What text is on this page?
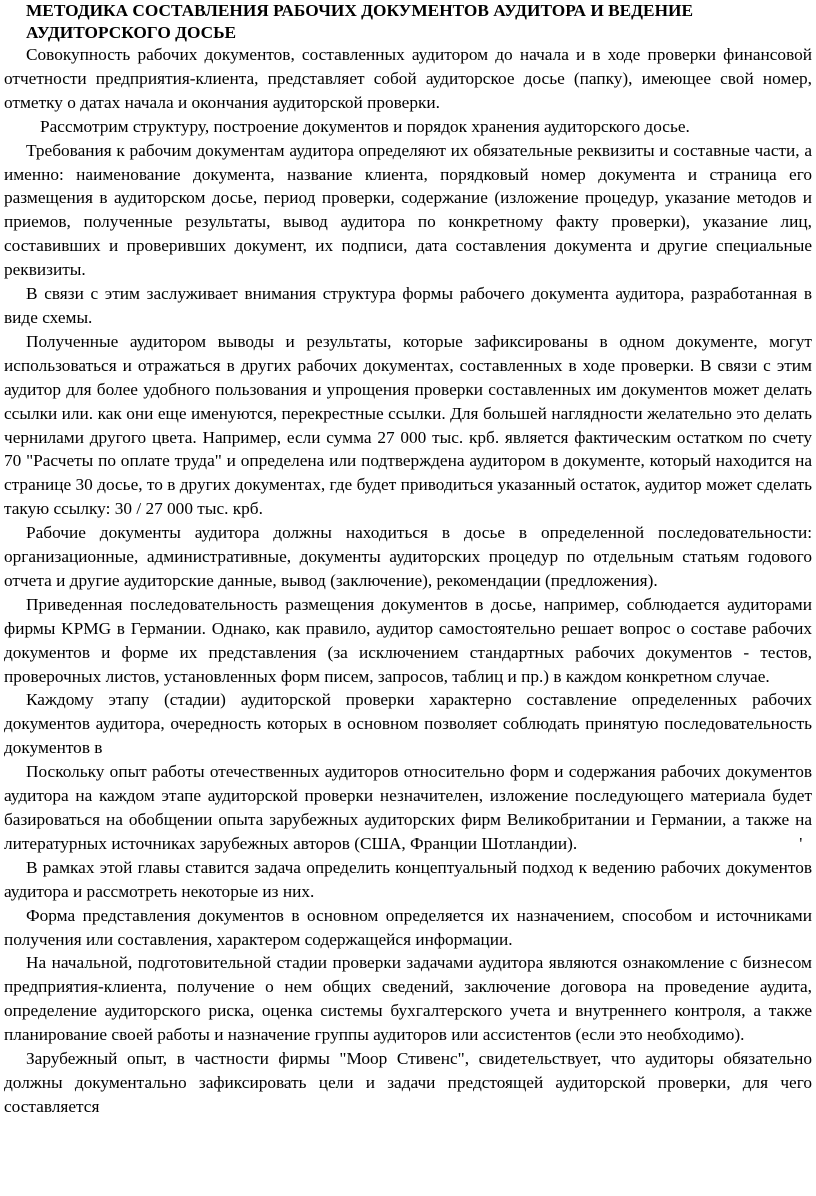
МЕТОДИКА СОСТАВЛЕНИЯ РАБОЧИХ ДОКУМЕНТОВ АУДИТОРА И ВЕДЕНИЕ АУДИТОРСКОГО ДОСЬЕ

Совокупность рабочих документов, составленных аудитором до начала и в ходе проверки финансовой отчетности предприятия-клиента, представляет собой аудиторское досье (папку), имеющее свой номер, отметку о датах начала и окончания аудиторской проверки.

Рассмотрим структуру, построение документов и порядок хранения аудиторского досье.

Требования к рабочим документам аудитора определяют их обязательные реквизиты и составные части, а именно: наименование документа, название клиента, порядковый номер документа и страница его размещения в аудиторском досье, период проверки, содержание (изложение процедур, указание методов и приемов, полученные результаты, вывод аудитора по конкретному факту проверки), указание лиц, составивших и проверивших документ, их подписи, дата составления документа и другие специальные реквизиты.

В связи с этим заслуживает внимания структура формы рабочего документа аудитора, разработанная в виде схемы.

Полученные аудитором выводы и результаты, которые зафиксированы в одном документе, могут использоваться и отражаться в других рабочих документах, составленных в ходе проверки. В связи с этим аудитор для более удобного пользования и упрощения проверки составленных им документов может делать ссылки или. как они еще именуются, перекрестные ссылки. Для большей наглядности желательно это делать чернилами другого цвета. Например, если сумма 27 000 тыс. крб. является фактическим остатком по счету 70 "Расчеты по оплате труда" и определена или подтверждена аудитором в документе, который находится на странице 30 досье, то в других документах, где будет приводиться указанный остаток, аудитор может сделать такую ссылку: 30 / 27 000 тыс. крб.

Рабочие документы аудитора должны находиться в досье в определенной последовательности: организационные, административные, документы аудиторских процедур по отдельным статьям годового отчета и другие аудиторские данные, вывод (заключение), рекомендации (предложения).

Приведенная последовательность размещения документов в досье, например, соблюдается аудиторами фирмы KPMG в Германии. Однако, как правило, аудитор самостоятельно решает вопрос о составе рабочих документов и форме их представления (за исключением стандартных рабочих документов - тестов, проверочных листов, установленных форм писем, запросов, таблиц и пр.) в каждом конкретном случае.

Каждому этапу (стадии) аудиторской проверки характерно составление определенных рабочих документов аудитора, очередность которых в основном позволяет соблюдать принятую последовательность документов в

Поскольку опыт работы отечественных аудиторов относительно форм и содержания рабочих документов аудитора на каждом этапе аудиторской проверки незначителен, изложение последующего материала будет базироваться на обобщении опыта зарубежных аудиторских фирм Великобритании и Германии, а также на литературных источниках зарубежных авторов (США, Франции Шотландии).	'

В рамках этой главы ставится задача определить концептуальный подход к ведению рабочих документов аудитора и рассмотреть некоторые из них.

Форма представления документов в основном определяется их назначением, способом и источниками получения или составления, характером содержащейся информации.

На начальной, подготовительной стадии проверки задачами аудитора являются ознакомление с бизнесом предприятия-клиента, получение о нем общих сведений, заключение договора на проведение аудита, определение аудиторского риска, оценка системы бухгалтерского учета и внутреннего контроля, а также планирование своей работы и назначение группы аудиторов или ассистентов (если это необходимо).

Зарубежный опыт, в частности фирмы "Моор Стивенс", свидетельствует, что аудиторы обязательно должны документально зафиксировать цели и задачи предстоящей аудиторской проверки, для чего составляется
